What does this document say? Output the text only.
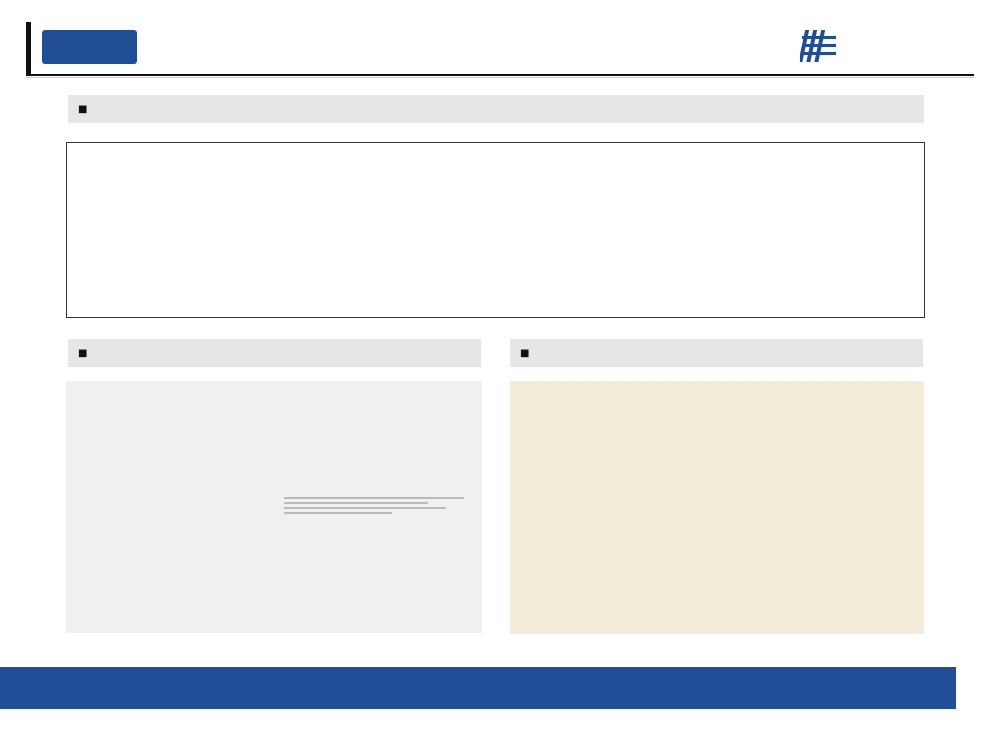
■
■	■
